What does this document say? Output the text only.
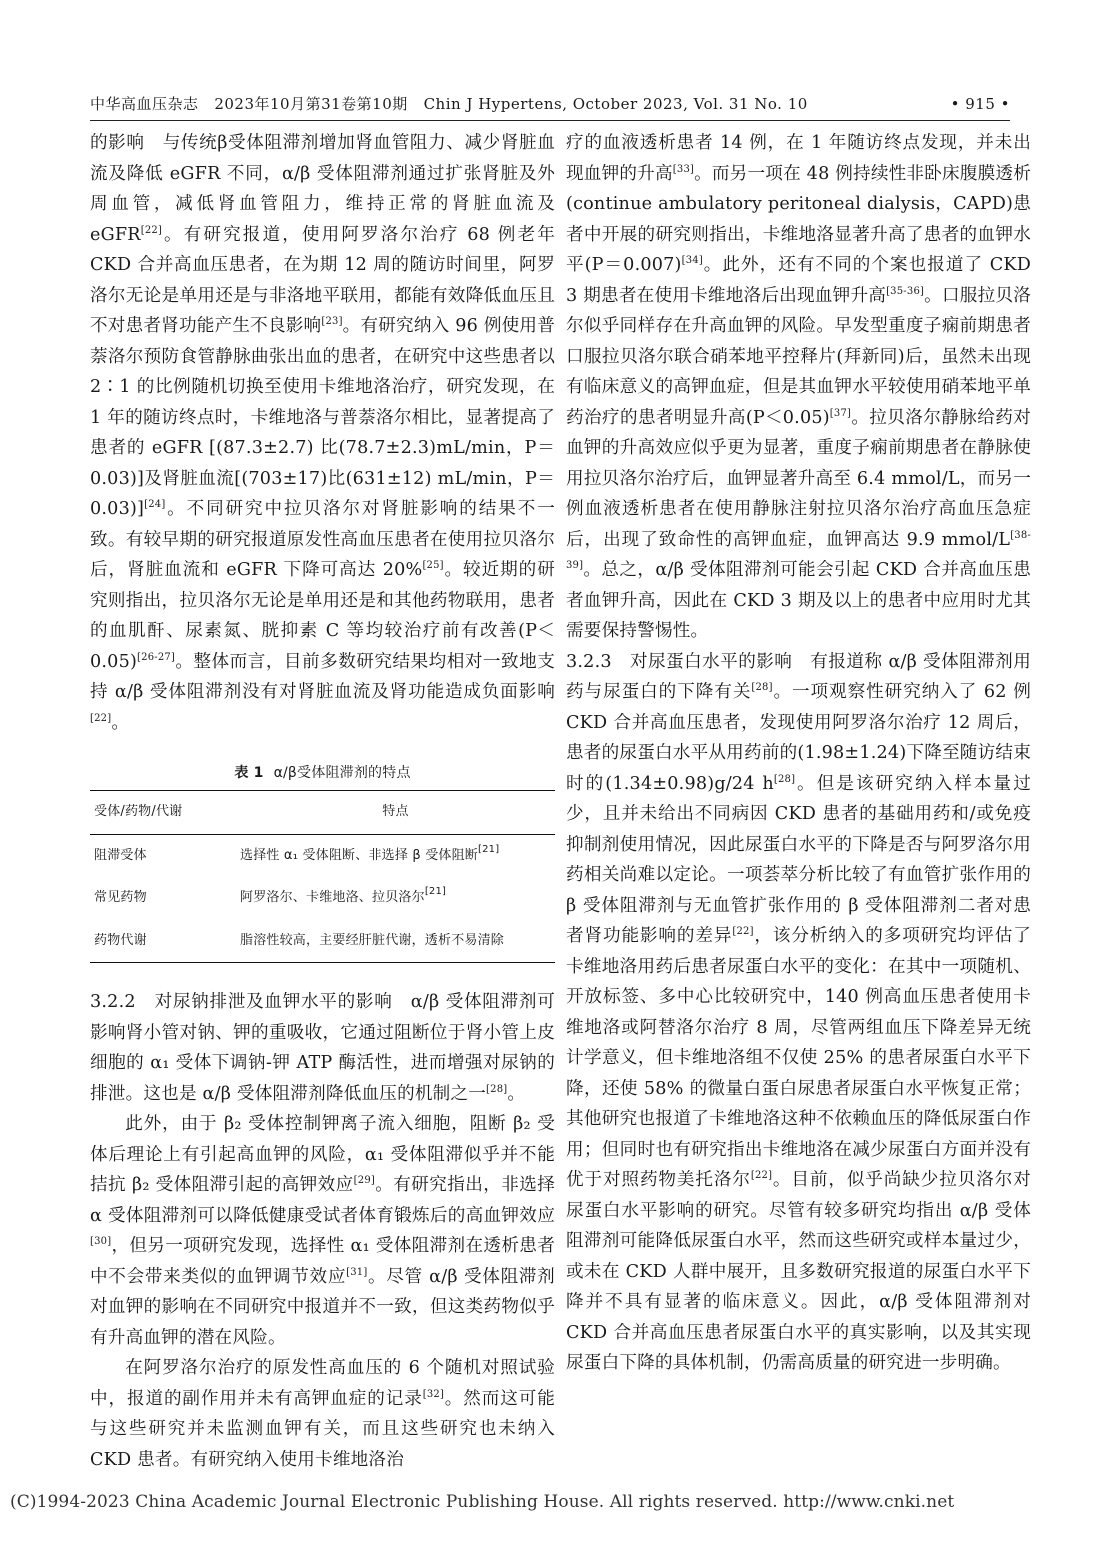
中华高血压杂志 2023年10月第31卷第10期 Chin J Hypertens, October 2023, Vol. 31 No. 10	• 915 •

的影响　与传统β受体阻滞剂增加肾血管阻力、减少肾脏血流及降低 eGFR 不同，α/β 受体阻滞剂通过扩张肾脏及外周血管，减低肾血管阻力，维持正常的肾脏血流及 eGFR[22]。有研究报道，使用阿罗洛尔治疗 68 例老年 CKD 合并高血压患者，在为期 12 周的随访时间里，阿罗洛尔无论是单用还是与非洛地平联用，都能有效降低血压且不对患者肾功能产生不良影响[23]。有研究纳入 96 例使用普萘洛尔预防食管静脉曲张出血的患者，在研究中这些患者以 2∶1 的比例随机切换至使用卡维地洛治疗，研究发现，在 1 年的随访终点时，卡维地洛与普萘洛尔相比，显著提高了患者的 eGFR [(87.3±2.7) 比(78.7±2.3)mL/min，P＝0.03)]及肾脏血流[(703±17)比(631±12) mL/min，P＝0.03)][24]。不同研究中拉贝洛尔对肾脏影响的结果不一致。有较早期的研究报道原发性高血压患者在使用拉贝洛尔后，肾脏血流和 eGFR 下降可高达 20%[25]。较近期的研究则指出，拉贝洛尔无论是单用还是和其他药物联用，患者的血肌酐、尿素氮、胱抑素 C 等均较治疗前有改善(P＜0.05)[26-27]。整体而言，目前多数研究结果均相对一致地支持 α/β 受体阻滞剂没有对肾脏血流及肾功能造成负面影响[22]。

表 1 α/β受体阻滞剂的特点
受体/药物/代谢	特点
阻滞受体	选择性 α₁ 受体阻断、非选择 β 受体阻断[21]
常见药物	阿罗洛尔、卡维地洛、拉贝洛尔[21]
药物代谢	脂溶性较高，主要经肝脏代谢，透析不易清除

3.2.2　对尿钠排泄及血钾水平的影响　α/β 受体阻滞剂可影响肾小管对钠、钾的重吸收，它通过阻断位于肾小管上皮细胞的 α₁ 受体下调钠-钾 ATP 酶活性，进而增强对尿钠的排泄。这也是 α/β 受体阻滞剂降低血压的机制之一[28]。

此外，由于 β₂ 受体控制钾离子流入细胞，阻断 β₂ 受体后理论上有引起高血钾的风险，α₁ 受体阻滞似乎并不能拮抗 β₂ 受体阻滞引起的高钾效应[29]。有研究指出，非选择 α 受体阻滞剂可以降低健康受试者体育锻炼后的高血钾效应[30]，但另一项研究发现，选择性 α₁ 受体阻滞剂在透析患者中不会带来类似的血钾调节效应[31]。尽管 α/β 受体阻滞剂对血钾的影响在不同研究中报道并不一致，但这类药物似乎有升高血钾的潜在风险。

在阿罗洛尔治疗的原发性高血压的 6 个随机对照试验中，报道的副作用并未有高钾血症的记录[32]。然而这可能与这些研究并未监测血钾有关，而且这些研究也未纳入 CKD 患者。有研究纳入使用卡维地洛治

疗的血液透析患者 14 例，在 1 年随访终点发现，并未出现血钾的升高[33]。而另一项在 48 例持续性非卧床腹膜透析(continue ambulatory peritoneal dialysis，CAPD)患者中开展的研究则指出，卡维地洛显著升高了患者的血钾水平(P＝0.007)[34]。此外，还有不同的个案也报道了 CKD 3 期患者在使用卡维地洛后出现血钾升高[35-36]。口服拉贝洛尔似乎同样存在升高血钾的风险。早发型重度子痫前期患者口服拉贝洛尔联合硝苯地平控释片(拜新同)后，虽然未出现有临床意义的高钾血症，但是其血钾水平较使用硝苯地平单药治疗的患者明显升高(P＜0.05)[37]。拉贝洛尔静脉给药对血钾的升高效应似乎更为显著，重度子痫前期患者在静脉使用拉贝洛尔治疗后，血钾显著升高至 6.4 mmol/L，而另一例血液透析患者在使用静脉注射拉贝洛尔治疗高血压急症后，出现了致命性的高钾血症，血钾高达 9.9 mmol/L[38-39]。总之，α/β 受体阻滞剂可能会引起 CKD 合并高血压患者血钾升高，因此在 CKD 3 期及以上的患者中应用时尤其需要保持警惕性。

3.2.3　对尿蛋白水平的影响　有报道称 α/β 受体阻滞剂用药与尿蛋白的下降有关[28]。一项观察性研究纳入了 62 例 CKD 合并高血压患者，发现使用阿罗洛尔治疗 12 周后，患者的尿蛋白水平从用药前的(1.98±1.24)下降至随访结束时的(1.34±0.98)g/24 h[28]。但是该研究纳入样本量过少，且并未给出不同病因 CKD 患者的基础用药和/或免疫抑制剂使用情况，因此尿蛋白水平的下降是否与阿罗洛尔用药相关尚难以定论。一项荟萃分析比较了有血管扩张作用的 β 受体阻滞剂与无血管扩张作用的 β 受体阻滞剂二者对患者肾功能影响的差异[22]，该分析纳入的多项研究均评估了卡维地洛用药后患者尿蛋白水平的变化：在其中一项随机、开放标签、多中心比较研究中，140 例高血压患者使用卡维地洛或阿替洛尔治疗 8 周，尽管两组血压下降差异无统计学意义，但卡维地洛组不仅使 25% 的患者尿蛋白水平下降，还使 58% 的微量白蛋白尿患者尿蛋白水平恢复正常；其他研究也报道了卡维地洛这种不依赖血压的降低尿蛋白作用；但同时也有研究指出卡维地洛在减少尿蛋白方面并没有优于对照药物美托洛尔[22]。目前，似乎尚缺少拉贝洛尔对尿蛋白水平影响的研究。尽管有较多研究均指出 α/β 受体阻滞剂可能降低尿蛋白水平，然而这些研究或样本量过少，或未在 CKD 人群中展开，且多数研究报道的尿蛋白水平下降并不具有显著的临床意义。因此，α/β 受体阻滞剂对 CKD 合并高血压患者尿蛋白水平的真实影响，以及其实现尿蛋白下降的具体机制，仍需高质量的研究进一步明确。

(C)1994-2023 China Academic Journal Electronic Publishing House. All rights reserved. http://www.cnki.net
